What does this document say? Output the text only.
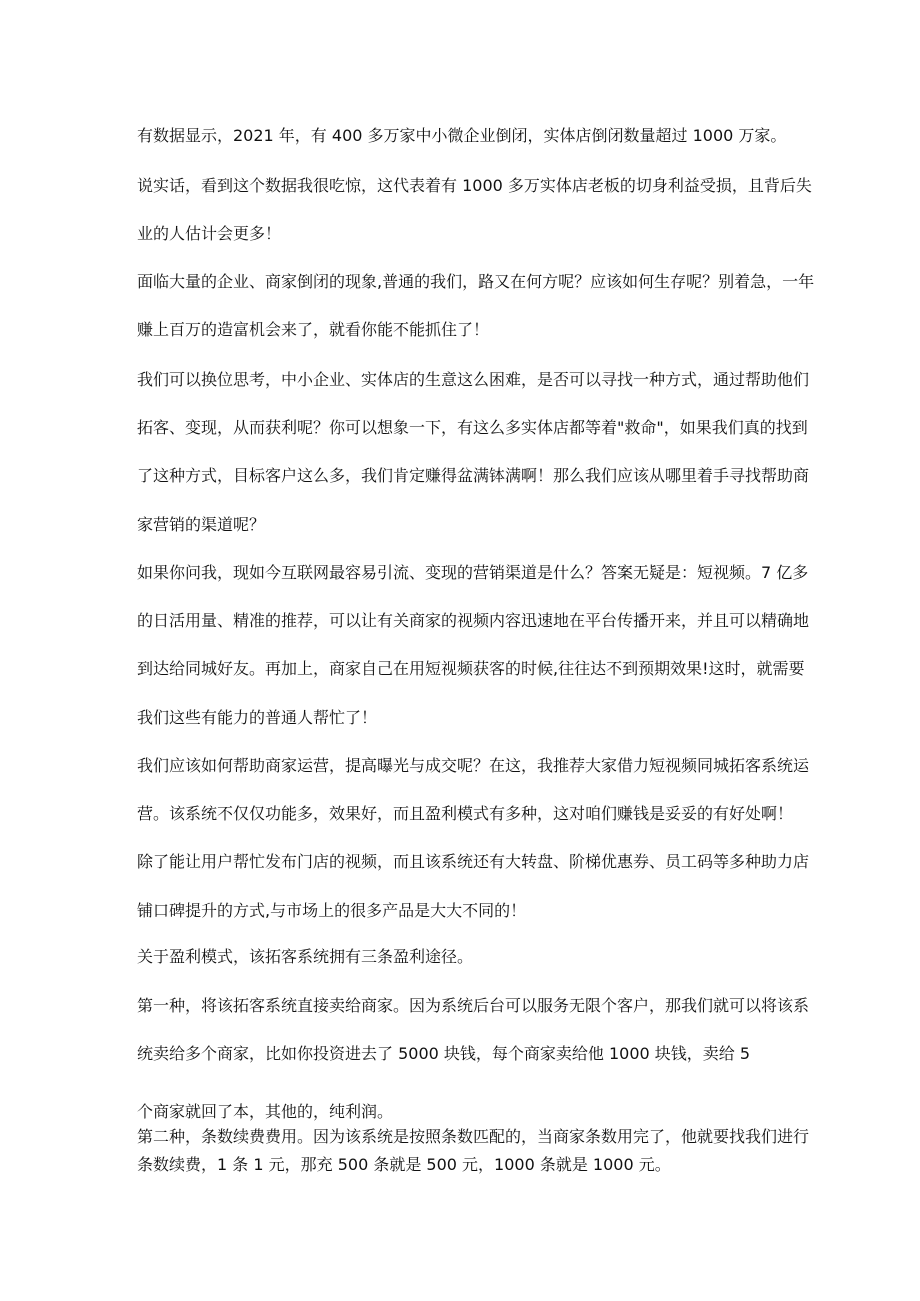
有数据显示，2021 年，有 400 多万家中小微企业倒闭，实体店倒闭数量超过 1000 万家。
说实话，看到这个数据我很吃惊，这代表着有 1000 多万实体店老板的切身利益受损，且背后失
业的人估计会更多！
面临大量的企业、商家倒闭的现象,普通的我们，路又在何方呢？应该如何生存呢？别着急，一年
赚上百万的造富机会来了，就看你能不能抓住了！
我们可以换位思考，中小企业、实体店的生意这么困难，是否可以寻找一种方式，通过帮助他们
拓客、变现，从而获利呢？你可以想象一下，有这么多实体店都等着"救命"，如果我们真的找到
了这种方式，目标客户这么多，我们肯定赚得盆满钵满啊！那么我们应该从哪里着手寻找帮助商
家营销的渠道呢？
如果你问我，现如今互联网最容易引流、变现的营销渠道是什么？答案无疑是：短视频。7 亿多
的日活用量、精准的推荐，可以让有关商家的视频内容迅速地在平台传播开来，并且可以精确地
到达给同城好友。再加上，商家自己在用短视频获客的时候,往往达不到预期效果!这时，就需要
我们这些有能力的普通人帮忙了！
我们应该如何帮助商家运营，提高曝光与成交呢？在这，我推荐大家借力短视频同城拓客系统运
营。该系统不仅仅功能多，效果好，而且盈利模式有多种，这对咱们赚钱是妥妥的有好处啊！
除了能让用户帮忙发布门店的视频，而且该系统还有大转盘、阶梯优惠券、员工码等多种助力店
铺口碑提升的方式,与市场上的很多产品是大大不同的！
关于盈利模式，该拓客系统拥有三条盈利途径。
第一种，将该拓客系统直接卖给商家。因为系统后台可以服务无限个客户，那我们就可以将该系
统卖给多个商家，比如你投资进去了 5000 块钱，每个商家卖给他 1000 块钱，卖给 5
个商家就回了本，其他的，纯利润。
第二种，条数续费费用。因为该系统是按照条数匹配的，当商家条数用完了，他就要找我们进行
条数续费，1 条 1 元，那充 500 条就是 500 元，1000 条就是 1000 元。
